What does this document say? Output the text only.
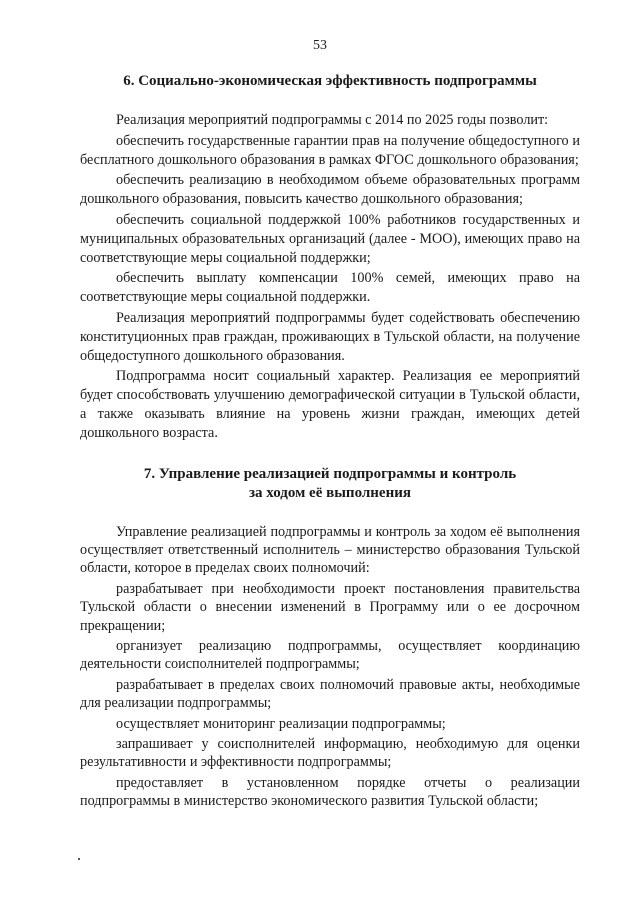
53
6. Социально-экономическая эффективность подпрограммы

Реализация мероприятий подпрограммы с 2014 по 2025 годы позволит:

обеспечить государственные гарантии прав на получение общедоступного и бесплатного дошкольного образования в рамках ФГОС дошкольного образования;

обеспечить реализацию в необходимом объеме образовательных программ дошкольного образования, повысить качество дошкольного образования;

обеспечить социальной поддержкой 100% работников государственных и муниципальных образовательных организаций (далее - МОО), имеющих право на соответствующие меры социальной поддержки;

обеспечить выплату компенсации 100% семей, имеющих право на соответствующие меры социальной поддержки.

Реализация мероприятий подпрограммы будет содействовать обеспечению конституционных прав граждан, проживающих в Тульской области, на получение общедоступного дошкольного образования.

Подпрограмма носит социальный характер. Реализация ее мероприятий будет способствовать улучшению демографической ситуации в Тульской области, а также оказывать влияние на уровень жизни граждан, имеющих детей дошкольного возраста.

7. Управление реализацией подпрограммы и контроль
за ходом её выполнения

Управление реализацией подпрограммы и контроль за ходом её выполнения осуществляет ответственный исполнитель – министерство образования Тульской области, которое в пределах своих полномочий:

разрабатывает при необходимости проект постановления правительства Тульской области о внесении изменений в Программу или о ее досрочном прекращении;

организует реализацию подпрограммы, осуществляет координацию деятельности соисполнителей подпрограммы;

разрабатывает в пределах своих полномочий правовые акты, необходимые для реализации подпрограммы;

осуществляет мониторинг реализации подпрограммы;

запрашивает у соисполнителей информацию, необходимую для оценки результативности и эффективности подпрограммы;

предоставляет в установленном порядке отчеты о реализации подпрограммы в министерство экономического развития Тульской области;
